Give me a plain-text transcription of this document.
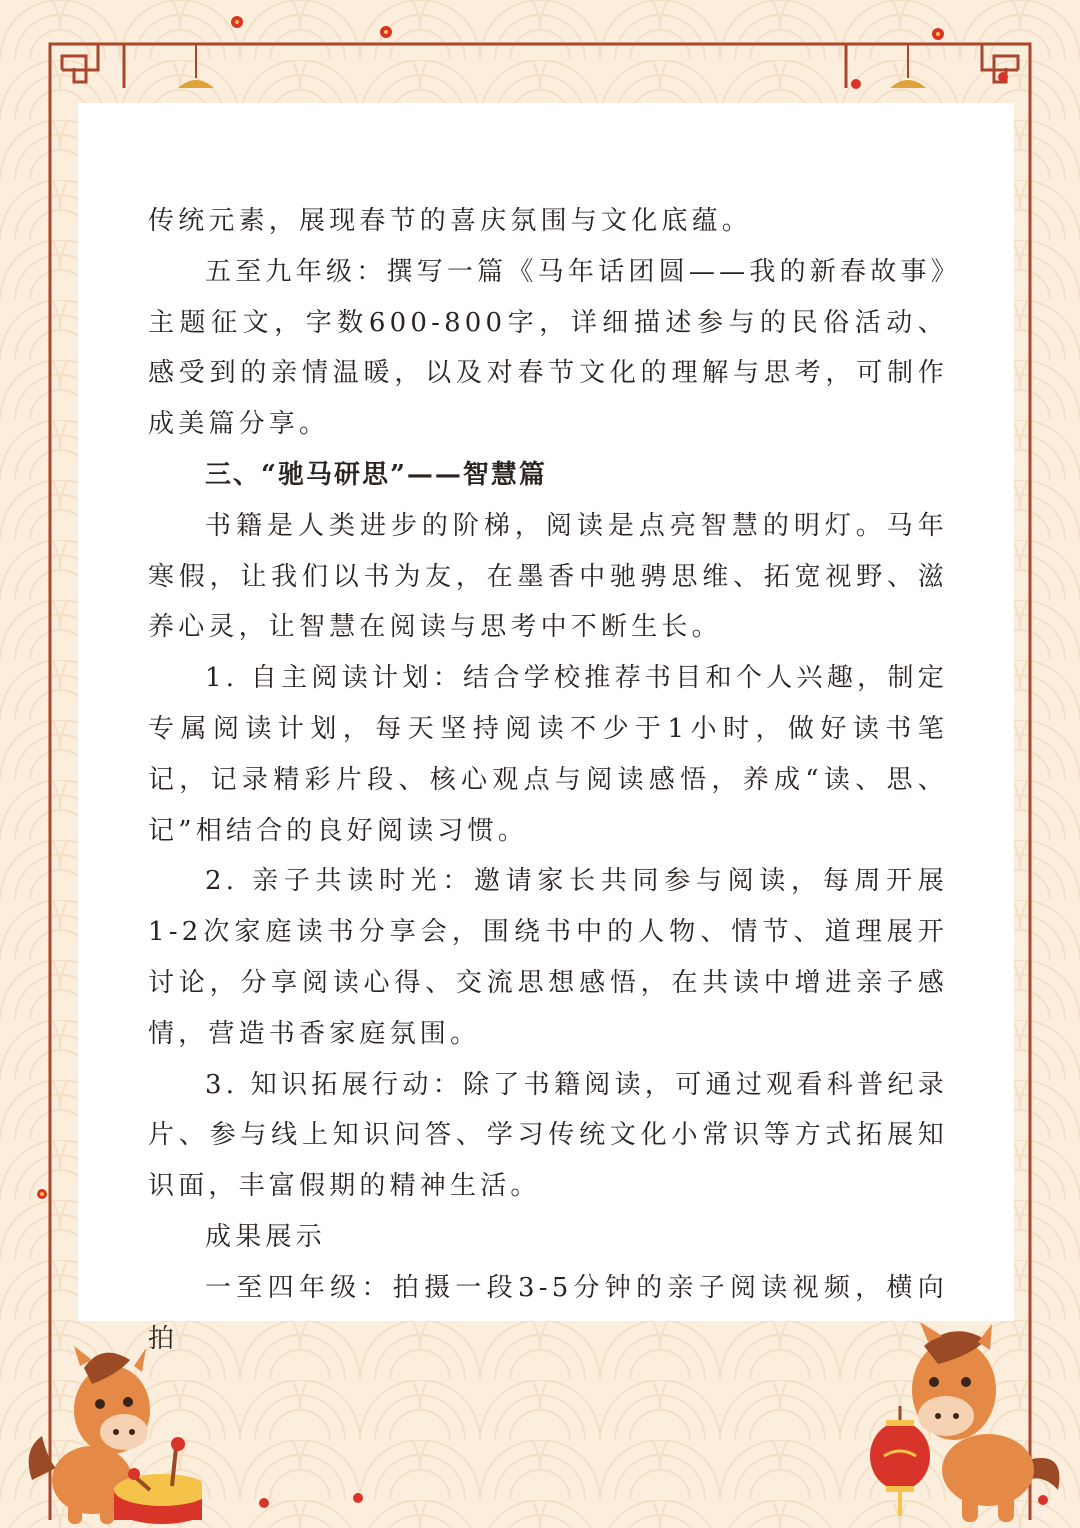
传统元素，展现春节的喜庆氛围与文化底蕴。

五至九年级：撰写一篇《马年话团圆——我的新春故事》主题征文，字数600-800字，详细描述参与的民俗活动、感受到的亲情温暖，以及对春节文化的理解与思考，可制作成美篇分享。

三、“驰马研思”——智慧篇

书籍是人类进步的阶梯，阅读是点亮智慧的明灯。马年寒假，让我们以书为友，在墨香中驰骋思维、拓宽视野、滋养心灵，让智慧在阅读与思考中不断生长。

1. 自主阅读计划：结合学校推荐书目和个人兴趣，制定专属阅读计划，每天坚持阅读不少于1小时，做好读书笔记，记录精彩片段、核心观点与阅读感悟，养成“读、思、记”相结合的良好阅读习惯。

2. 亲子共读时光：邀请家长共同参与阅读，每周开展1-2次家庭读书分享会，围绕书中的人物、情节、道理展开讨论，分享阅读心得、交流思想感悟，在共读中增进亲子感情，营造书香家庭氛围。

3. 知识拓展行动：除了书籍阅读，可通过观看科普纪录片、参与线上知识问答、学习传统文化小常识等方式拓展知识面，丰富假期的精神生活。

成果展示

一至四年级：拍摄一段3-5分钟的亲子阅读视频，横向拍
